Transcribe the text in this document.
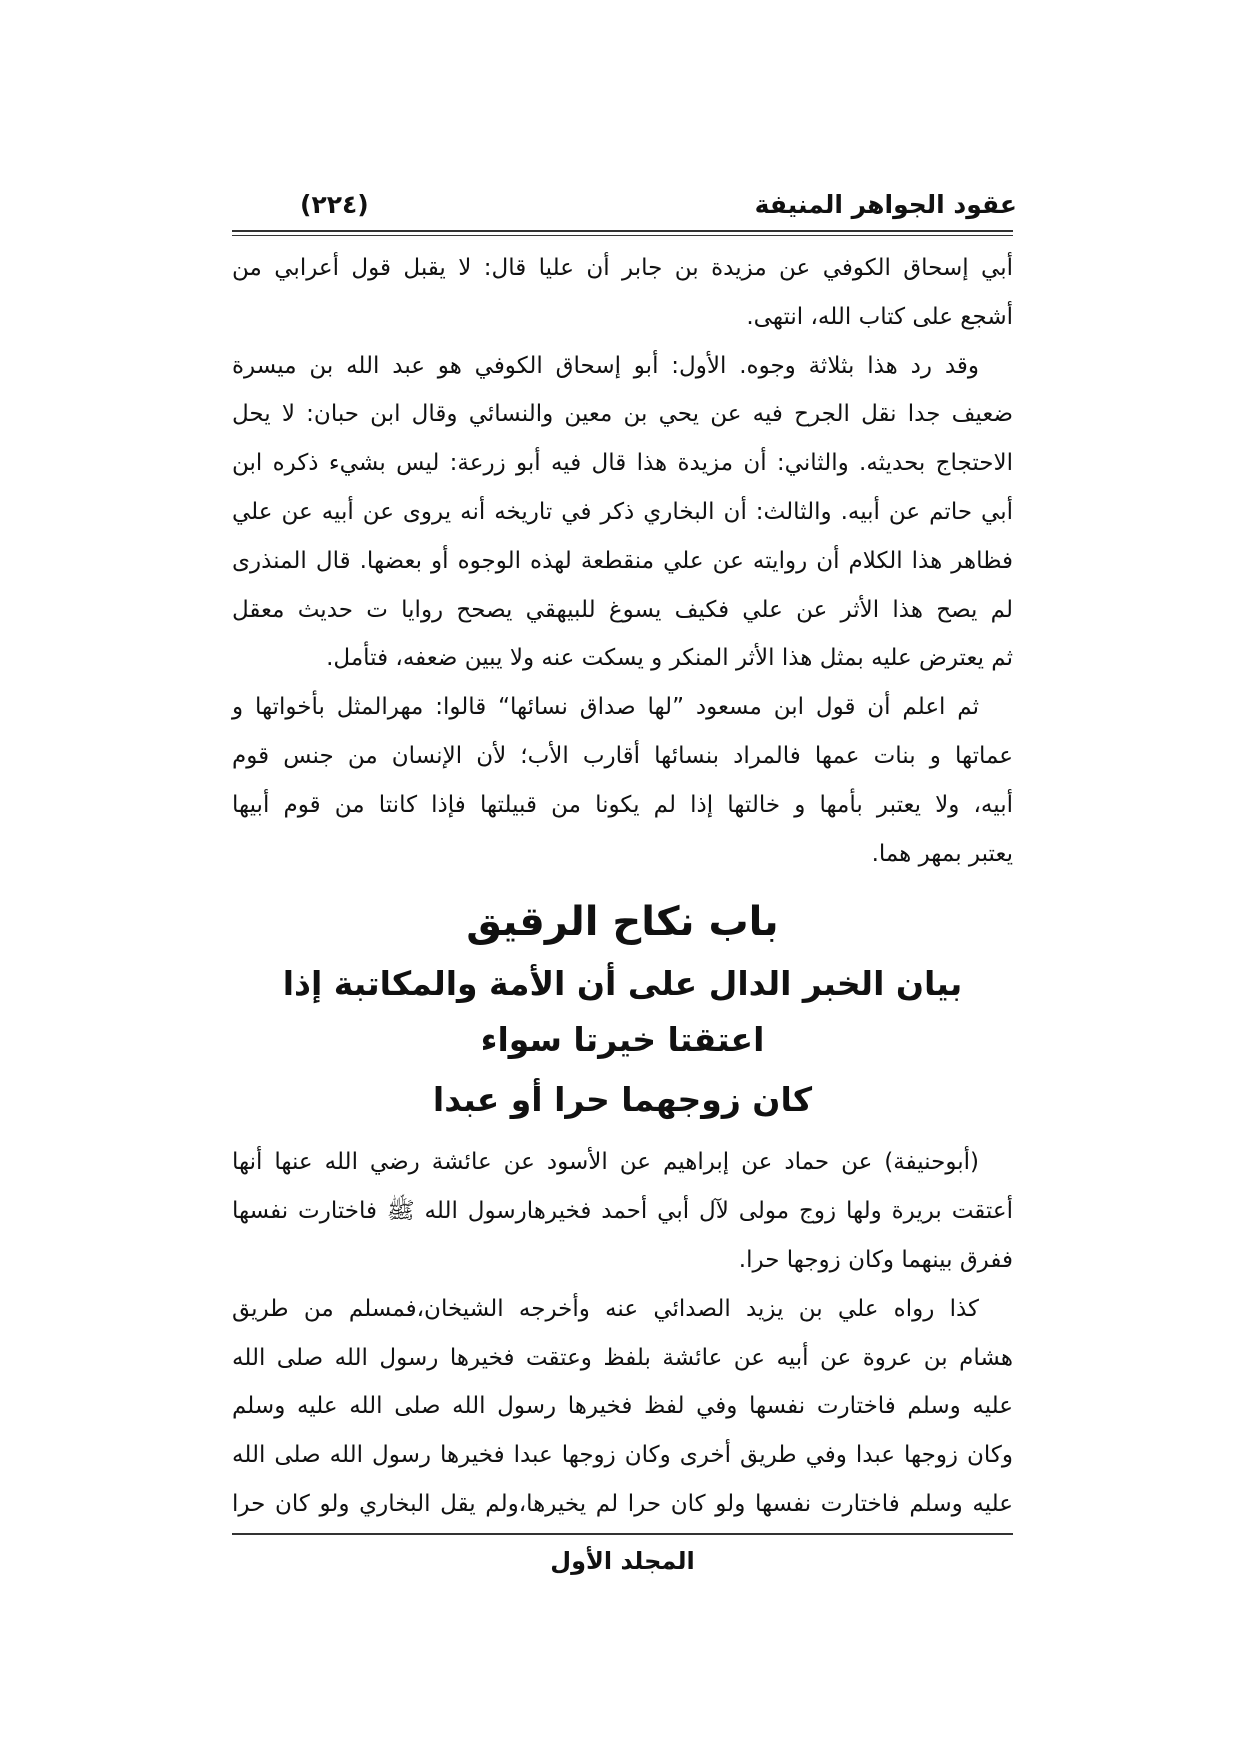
عقود الجواهر المنيفة
(٢٢٤)
أبي إسحاق الكوفي عن مزيدة بن جابر أن عليا قال: لا يقبل قول أعرابي من
أشجع على كتاب الله، انتهى.
وقد رد هذا بثلاثة وجوه. الأول: أبو إسحاق الكوفي هو عبد الله بن ميسرة
ضعيف جدا نقل الجرح فيه عن يحي بن معين والنسائي وقال ابن حبان: لا يحل
الاحتجاج بحديثه. والثاني: أن مزيدة هذا قال فيه أبو زرعة: ليس بشيء ذكره ابن
أبي حاتم عن أبيه. والثالث: أن البخاري ذكر في تاريخه أنه يروى عن أبيه عن علي
فظاهر هذا الكلام أن روايته عن علي منقطعة لهذه الوجوه أو بعضها. قال المنذرى
لم يصح هذا الأثر عن علي فكيف يسوغ للبيهقي يصحح روايا ت حديث معقل
ثم يعترض عليه بمثل هذا الأثر المنكر و يسكت عنه ولا يبين ضعفه، فتأمل.
ثم اعلم أن قول ابن مسعود ”لها صداق نسائها“ قالوا: مهرالمثل بأخواتها و
عماتها و بنات عمها فالمراد بنسائها أقارب الأب؛ لأن الإنسان من جنس قوم
أبيه، ولا يعتبر بأمها و خالتها إذا لم يكونا من قبيلتها فإذا كانتا من قوم أبيها
يعتبر بمهر هما.
باب نكاح الرقيق
بيان الخبر الدال على أن الأمة والمكاتبة إذا اعتقتا خيرتا سواء
كان زوجهما حرا أو عبدا
(أبوحنيفة) عن حماد عن إبراهيم عن الأسود عن عائشة رضي الله عنها أنها
أعتقت بريرة ولها زوج مولى لآل أبي أحمد فخيرهارسول الله ﷺ فاختارت نفسها
ففرق بينهما وكان زوجها حرا.
كذا رواه علي بن يزيد الصدائي عنه وأخرجه الشيخان،فمسلم من طريق
هشام بن عروة عن أبيه عن عائشة بلفظ وعتقت فخيرها رسول الله صلى الله
عليه وسلم فاختارت نفسها وفي لفظ فخيرها رسول الله صلى الله عليه وسلم
وكان زوجها عبدا وفي طريق أخرى وكان زوجها عبدا فخيرها رسول الله صلى الله
عليه وسلم فاختارت نفسها ولو كان حرا لم يخيرها،ولم يقل البخاري ولو كان حرا
المجلد الأول
